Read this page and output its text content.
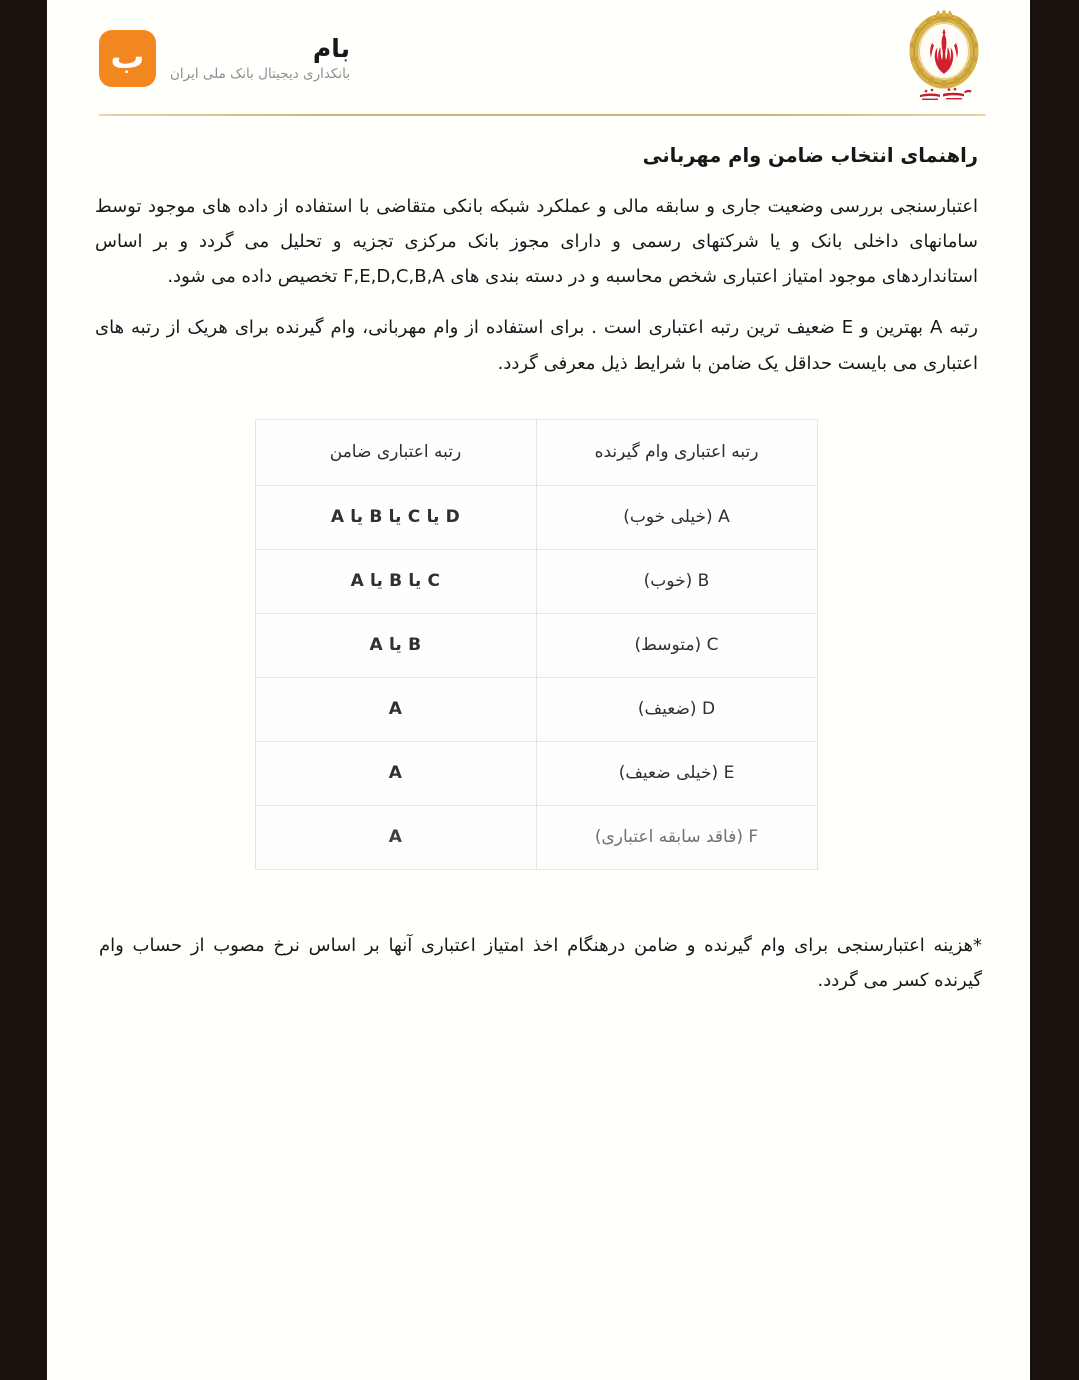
بام
بانکداری دیجیتال بانک ملی ایران
ب
راهنمای انتخاب ضامن وام مهربانی

اعتبارسنجی بررسی وضعیت جاری و سابقه مالی و عملکرد شبکه بانکی متقاضی با استفاده از داده های موجود توسط سامانهای داخلی بانک و یا شرکتهای رسمی و دارای مجوز بانک مرکزی تجزیه و تحلیل می گردد و بر اساس استانداردهای موجود امتیاز اعتباری شخص محاسبه و در دسته بندی های F,E,D,C,B,A تخصیص داده می شود.

رتبه A بهترین و E ضعیف ترین رتبه اعتباری است . برای استفاده از وام مهربانی، وام گیرنده برای هریک از رتبه های اعتباری می بایست حداقل یک ضامن با شرایط ذیل معرفی گردد.

رتبه اعتباری وام گیرنده	رتبه اعتباری ضامن
A (خیلی خوب)	D یا C یا B یا A
B (خوب)	C یا B یا A
C (متوسط)	B یا A
D (ضعیف)	A
E (خیلی ضعیف)	A
F (فاقد سابقه اعتباری)	A

*هزینه اعتبارسنجی برای وام گیرنده و ضامن درهنگام اخذ امتیاز اعتباری آنها بر اساس نرخ مصوب از حساب وام گیرنده کسر می گردد.
